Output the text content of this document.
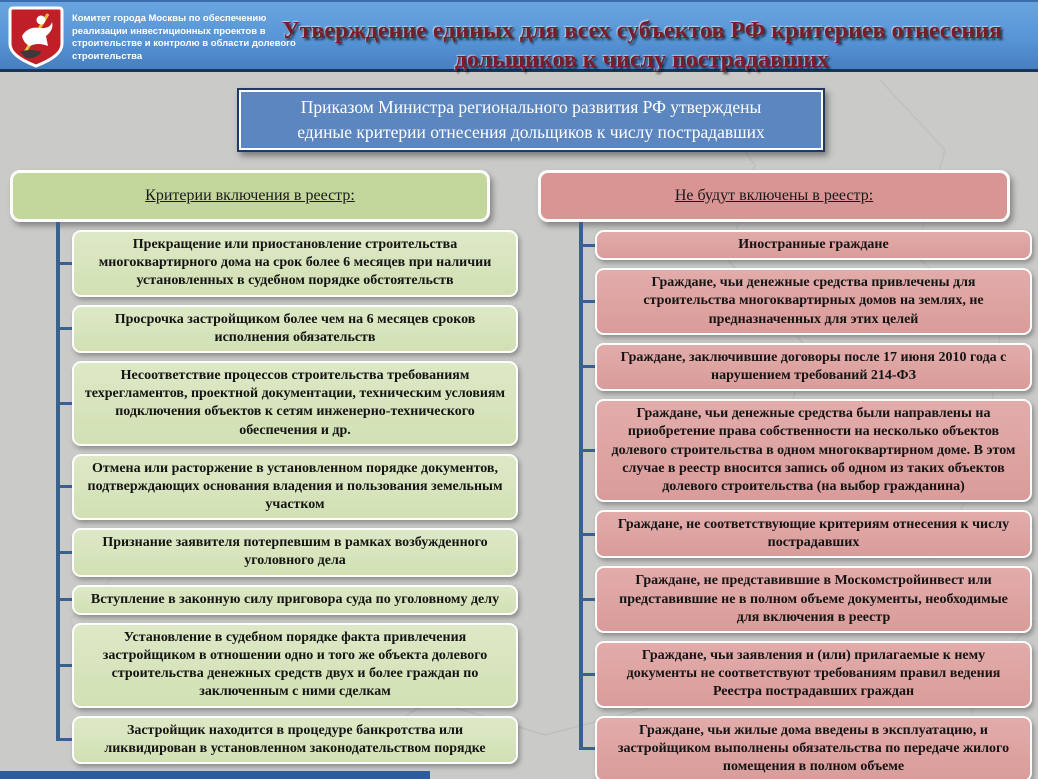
Комитет города Москвы по обеспечению реализации инвестиционных проектов в строительстве и контролю в области долевого строительства
Утверждение единых для всех субъектов РФ критериев отнесения
дольщиков к числу пострадавших
Приказом Министра регионального развития РФ утверждены
единые критерии отнесения дольщиков к числу пострадавших
Критерии включения в реестр:
Прекращение или приостановление строительства многоквартирного дома на срок более 6 месяцев при наличии установленных в судебном порядке обстоятельств
Просрочка застройщиком более чем на 6 месяцев сроков исполнения обязательств
Несоответствие процессов строительства требованиям техрегламентов, проектной документации, техническим условиям подключения объектов к сетям инженерно-технического обеспечения и др.
Отмена или расторжение в установленном порядке документов, подтверждающих основания владения и пользования земельным участком
Признание заявителя потерпевшим в рамках возбужденного уголовного дела
Вступление в законную силу приговора суда по уголовному делу
Установление в судебном порядке факта привлечения застройщиком в отношении одно и того же объекта долевого строительства денежных средств двух и более граждан по заключенным с ними сделкам
Застройщик находится в процедуре банкротства или ликвидирован в установленном законодательством порядке
Не будут включены в реестр:
Иностранные граждане
Граждане, чьи денежные средства привлечены для строительства многоквартирных домов на землях, не предназначенных для этих целей
Граждане, заключившие договоры после 17 июня 2010 года с нарушением требований 214-ФЗ
Граждане, чьи денежные средства были направлены на приобретение права собственности на несколько объектов долевого строительства в одном многоквартирном доме. В этом случае в реестр вносится запись об одном из таких объектов долевого строительства (на выбор гражданина)
Граждане, не соответствующие критериям отнесения к числу пострадавших
Граждане, не представившие в Москомстройинвест или представившие не в полном объеме документы, необходимые для включения в реестр
Граждане, чьи заявления и (или) прилагаемые к нему документы не соответствуют требованиям правил ведения Реестра пострадавших граждан
Граждане, чьи жилые дома введены в эксплуатацию, и застройщиком выполнены обязательства по передаче жилого помещения в полном объеме
